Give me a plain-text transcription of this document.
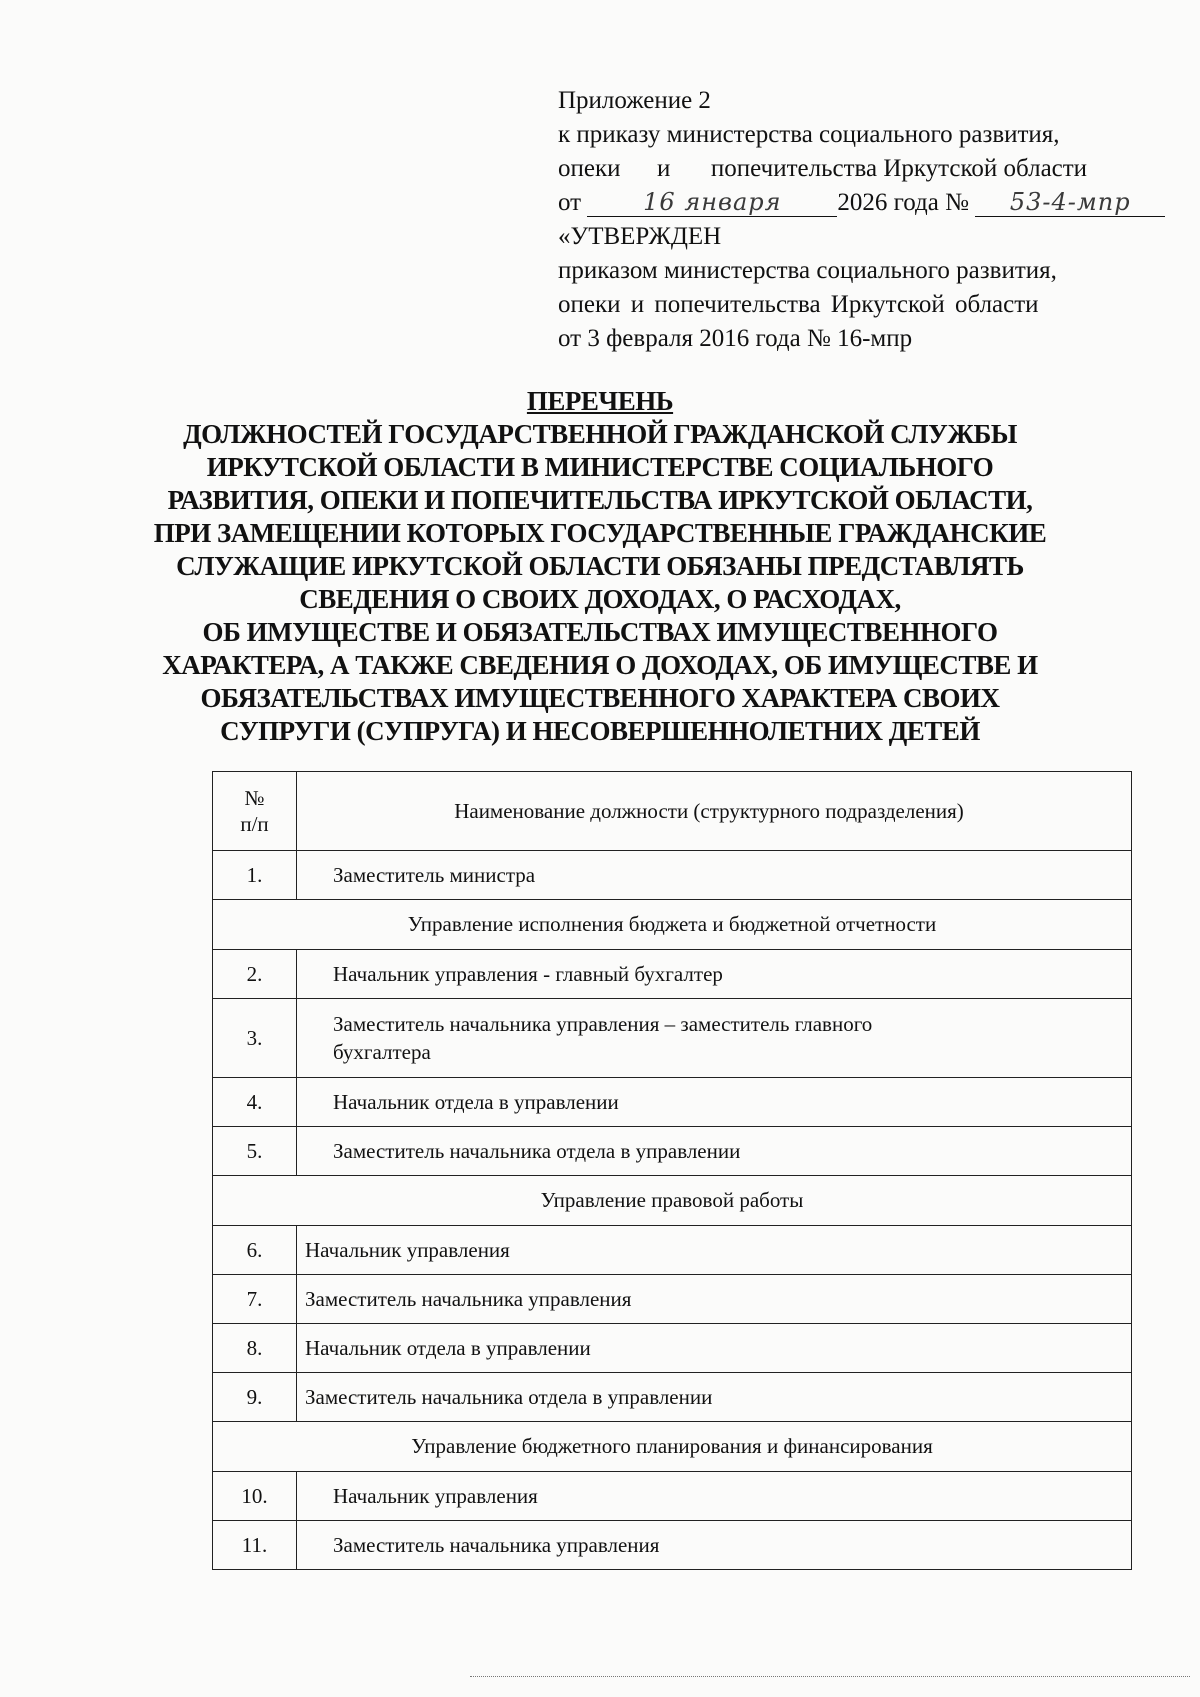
Приложение 2
к приказу министерства социального развития,
опеки и попечительства Иркутской области
от	16 января 2026 года № 53-4-мпр
«УТВЕРЖДЕН
приказом министерства социального развития,
опеки и попечительства Иркутской области
от 3 февраля 2016 года № 16-мпр
ПЕРЕЧЕНЬ
ДОЛЖНОСТЕЙ ГОСУДАРСТВЕННОЙ ГРАЖДАНСКОЙ СЛУЖБЫ
ИРКУТСКОЙ ОБЛАСТИ В МИНИСТЕРСТВЕ СОЦИАЛЬНОГО
РАЗВИТИЯ, ОПЕКИ И ПОПЕЧИТЕЛЬСТВА ИРКУТСКОЙ ОБЛАСТИ,
ПРИ ЗАМЕЩЕНИИ КОТОРЫХ ГОСУДАРСТВЕННЫЕ ГРАЖДАНСКИЕ
СЛУЖАЩИЕ ИРКУТСКОЙ ОБЛАСТИ ОБЯЗАНЫ ПРЕДСТАВЛЯТЬ
СВЕДЕНИЯ О СВОИХ ДОХОДАХ, О РАСХОДАХ,
ОБ ИМУЩЕСТВЕ И ОБЯЗАТЕЛЬСТВАХ ИМУЩЕСТВЕННОГО
ХАРАКТЕРА, А ТАКЖЕ СВЕДЕНИЯ О ДОХОДАХ, ОБ ИМУЩЕСТВЕ И
ОБЯЗАТЕЛЬСТВАХ ИМУЩЕСТВЕННОГО ХАРАКТЕРА СВОИХ
СУПРУГИ (СУПРУГА) И НЕСОВЕРШЕННОЛЕТНИХ ДЕТЕЙ
№
п/п	Наименование должности (структурного подразделения)
1.	Заместитель министра
Управление исполнения бюджета и бюджетной отчетности	
2.	Начальник управления - главный бухгалтер
3.	Заместитель начальника управления – заместитель главного
бухгалтера

4.	Начальник отдела в управлении
5.	Заместитель начальника отдела в управлении
Управление правовой работы	
6.	Начальник управления
7.	Заместитель начальника управления
8.	Начальник отдела в управлении
9.	Заместитель начальника отдела в управлении
Управление бюджетного планирования и финансирования	
10.	Начальник управления
11.	Заместитель начальника управления
